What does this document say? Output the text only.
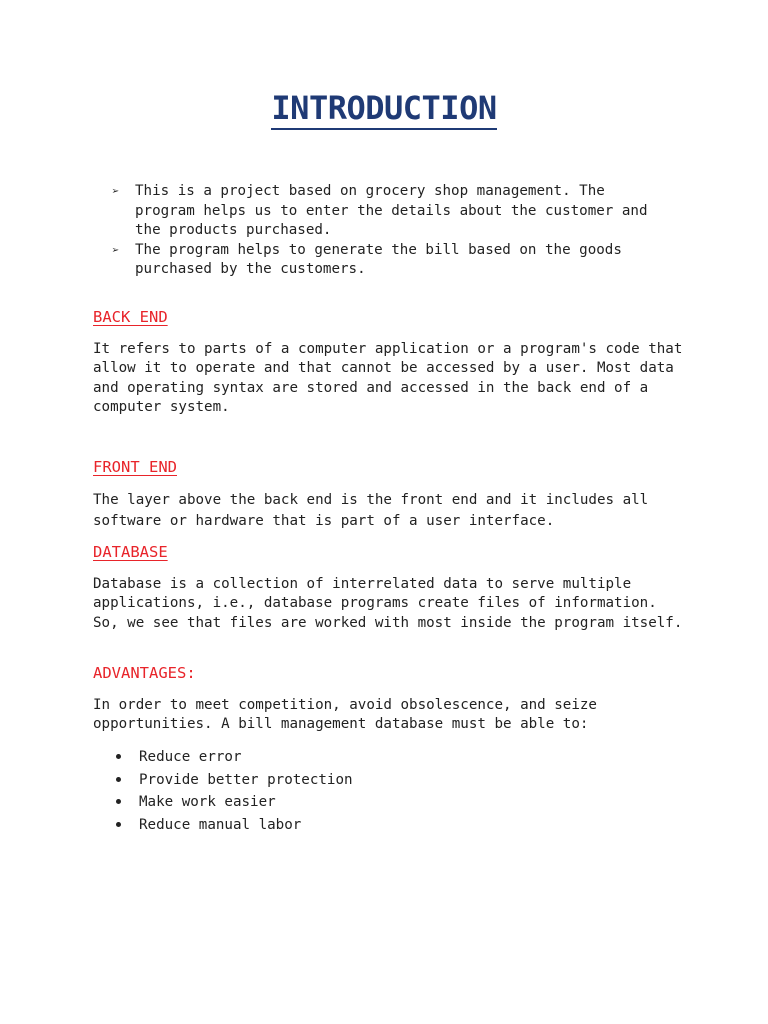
INTRODUCTION
➢ This is a project based on grocery shop management. The program helps us to enter the details about the customer and the products purchased.
➢ The program helps to generate the bill based on the goods purchased by the customers.
BACK END
It refers to parts of a computer application or a program's code that allow it to operate and that cannot be accessed by a user. Most data and operating syntax are stored and accessed in the back end of a computer system.
FRONT END
The layer above the back end is the front end and it includes all software or hardware that is part of a user interface.
DATABASE
Database is a collection of interrelated data to serve multiple applications, i.e., database programs create files of information. So, we see that files are worked with most inside the program itself.
ADVANTAGES:
In order to meet competition, avoid obsolescence, and seize opportunities. A bill management database must be able to:
Reduce error
Provide better protection
Make work easier
Reduce manual labor
